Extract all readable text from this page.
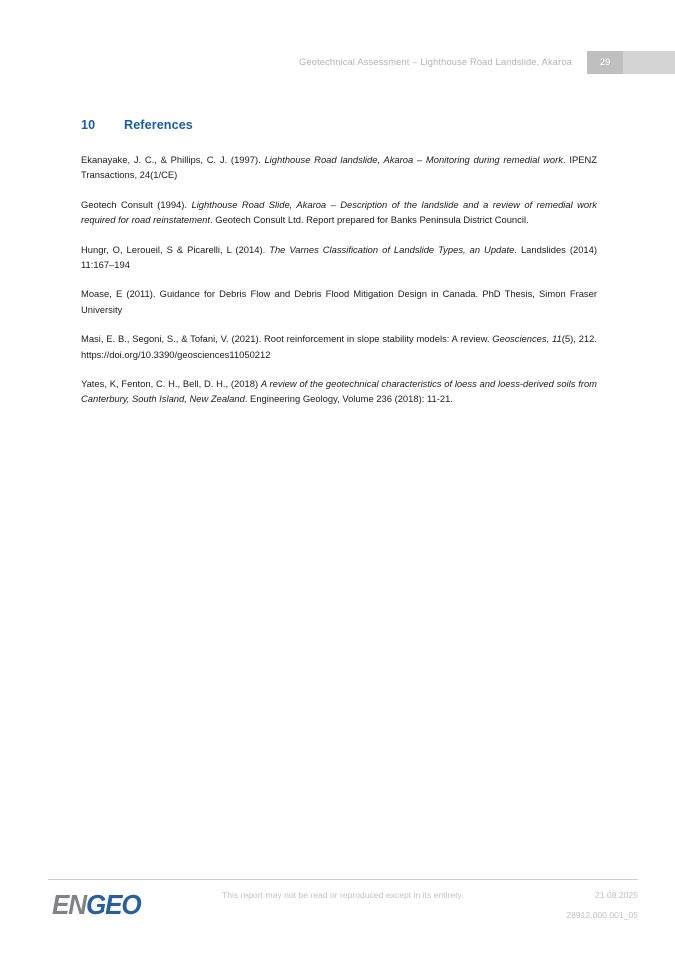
Geotechnical Assessment – Lighthouse Road Landslide, Akaroa	29
10	References

Ekanayake, J. C., & Phillips, C. J. (1997). Lighthouse Road landslide, Akaroa – Monitoring during remedial work. IPENZ Transactions, 24(1/CE)

Geotech Consult (1994). Lighthouse Road Slide, Akaroa – Description of the landslide and a review of remedial work required for road reinstatement. Geotech Consult Ltd. Report prepared for Banks Peninsula District Council.

Hungr, O, Leroueil, S & Picarelli, L (2014). The Varnes Classification of Landslide Types, an Update. Landslides (2014) 11:167–194

Moase, E (2011). Guidance for Debris Flow and Debris Flood Mitigation Design in Canada. PhD Thesis, Simon Fraser University

Masi, E. B., Segoni, S., & Tofani, V. (2021). Root reinforcement in slope stability models: A review. Geosciences, 11(5), 212. https://doi.org/10.3390/geosciences11050212

Yates, K, Fenton, C. H., Bell, D. H., (2018) A review of the geotechnical characteristics of loess and loess-derived soils from Canterbury, South Island, New Zealand. Engineering Geology, Volume 236 (2018): 11-21.

ENGEO	This report may not be read or reproduced except in its entirety.	21.08.2025
28912.000.001_05
